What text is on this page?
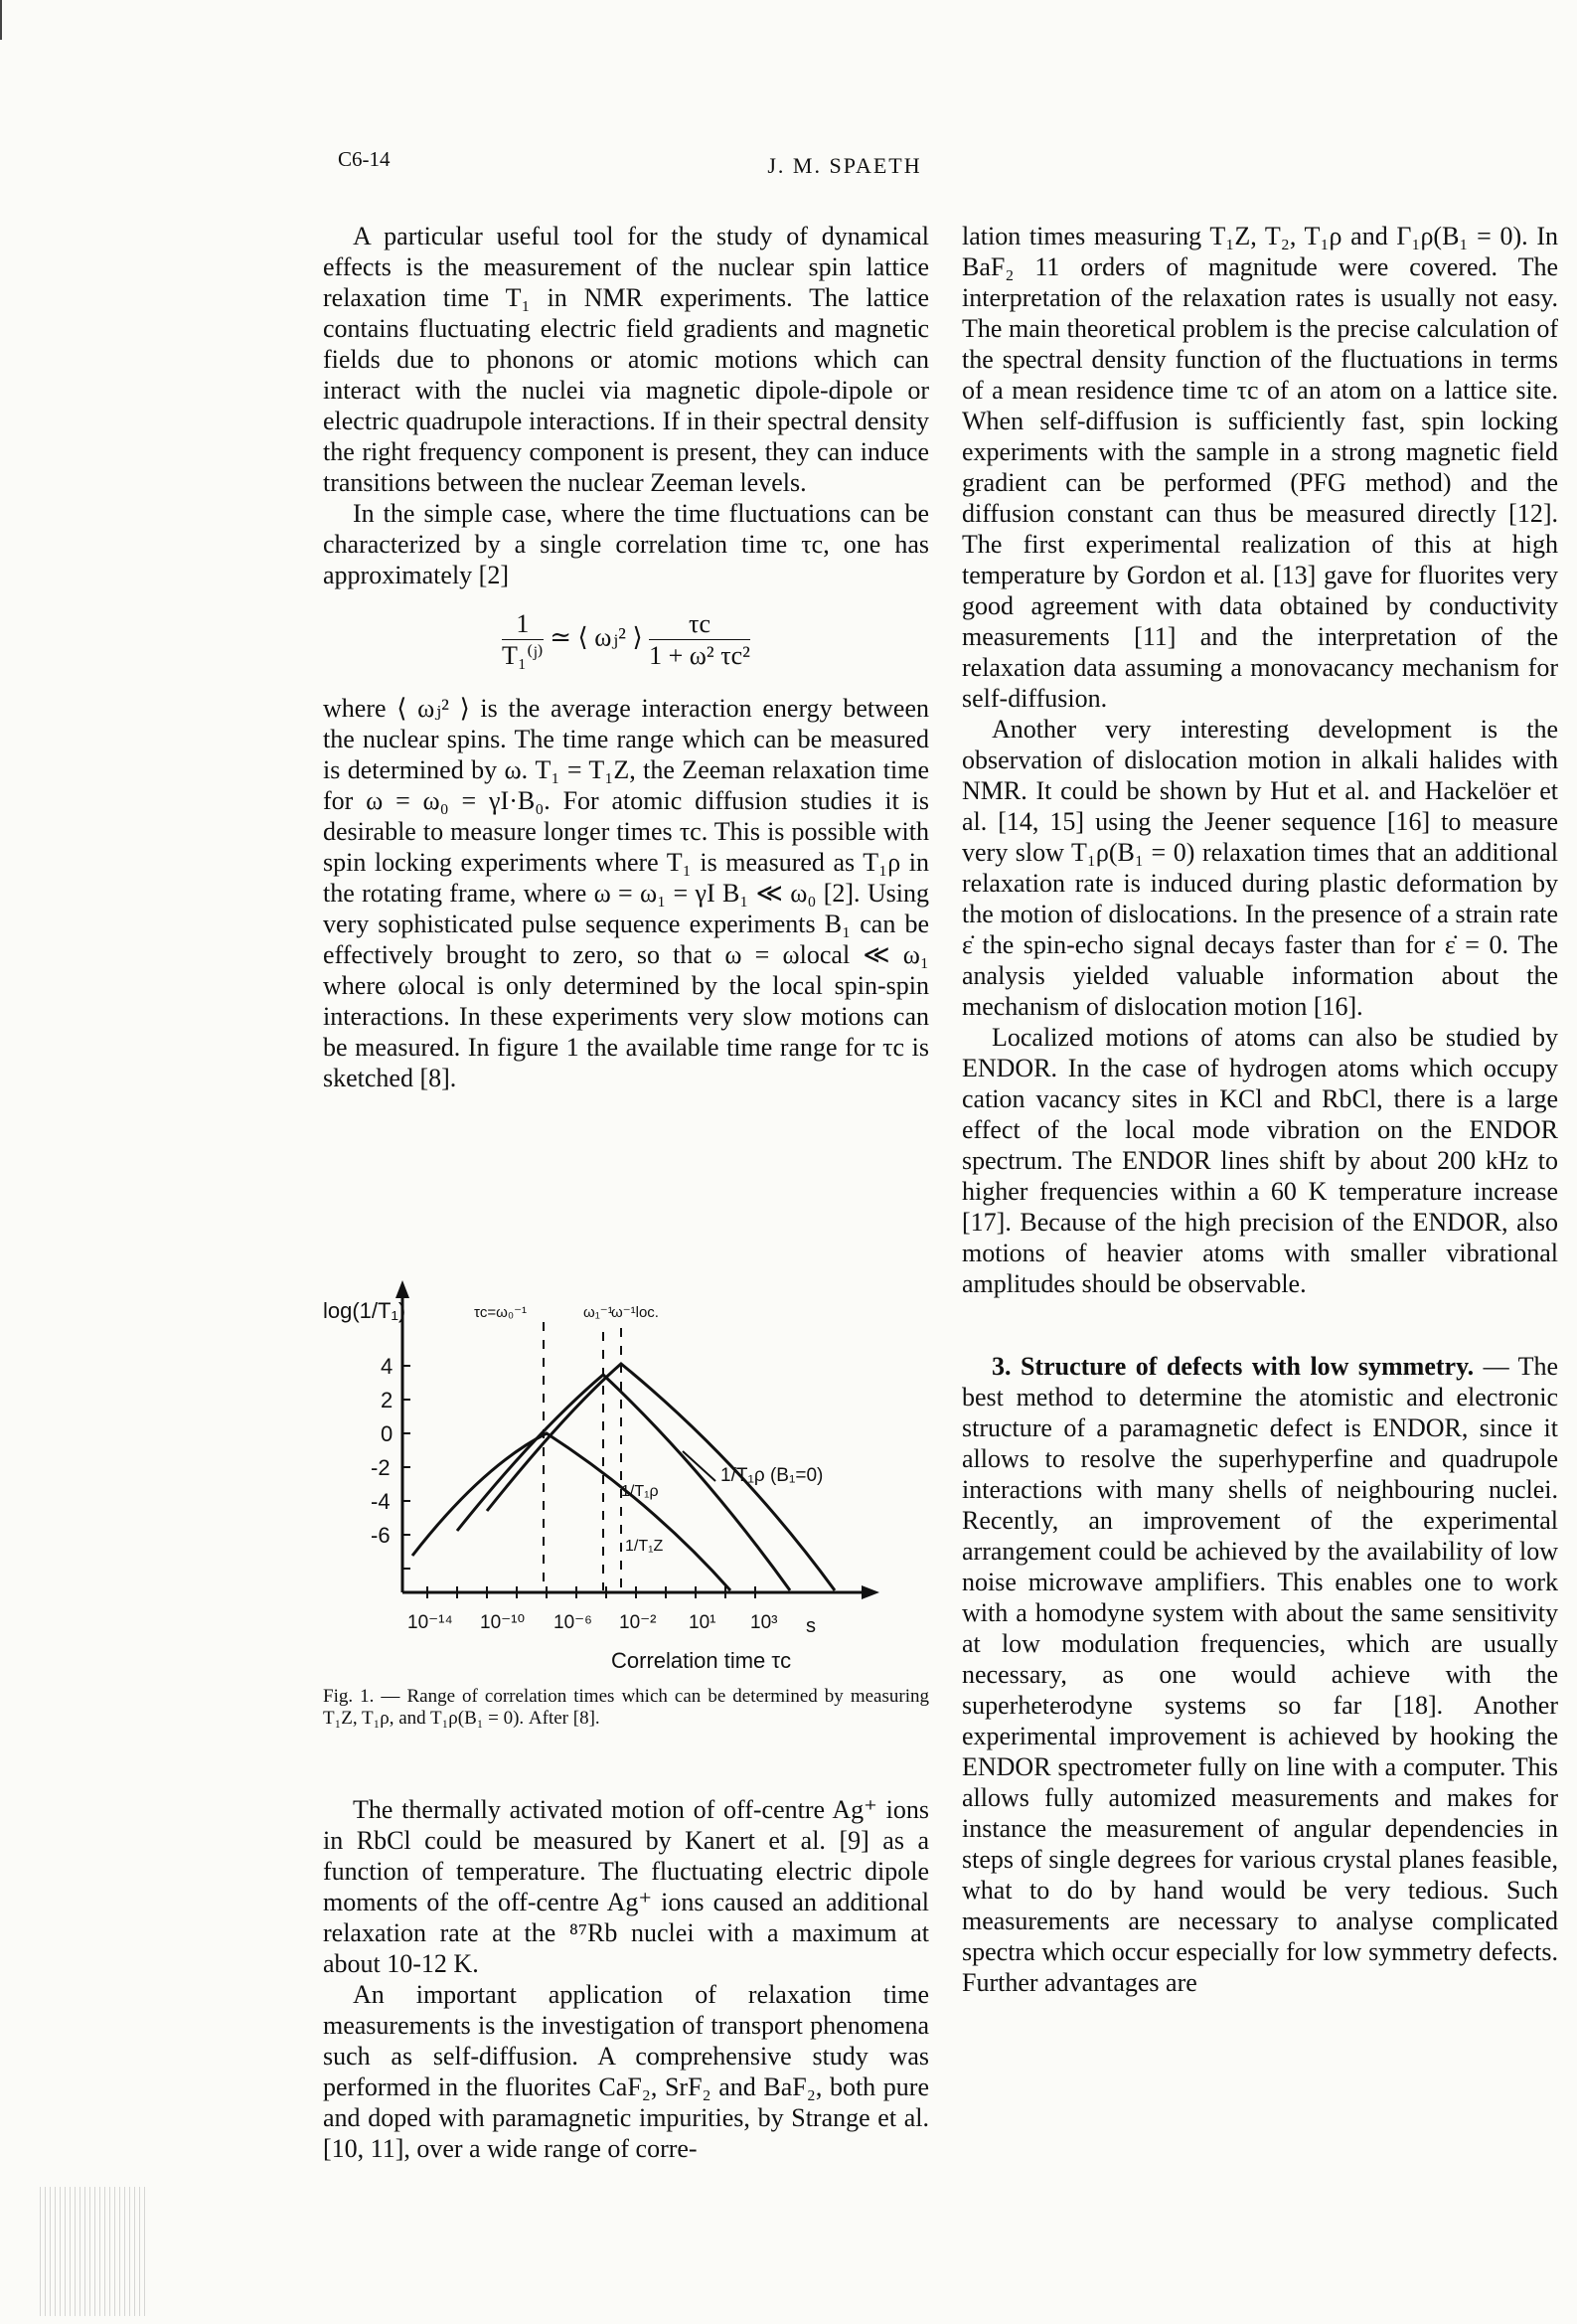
C6-14	J. M. SPAETH

A particular useful tool for the study of dynamical effects is the measurement of the nuclear spin lattice relaxation time T₁ in NMR experiments. The lattice contains fluctuating electric field gradients and magnetic fields due to phonons or atomic motions which can interact with the nuclei via magnetic dipole-dipole or electric quadrupole interactions. If in their spectral density the right frequency component is present, they can induce transitions between the nuclear Zeeman levels.

In the simple case, where the time fluctuations can be characterized by a single correlation time τc, one has approximately [2]

$\frac{1}{\text{T₁⁽ʲ⁾}}$ ≃ ⟨ ωⱼ² ⟩ $\frac{\tau c}{\text{1 + ω² τc²}}$

where ⟨ ωⱼ² ⟩ is the average interaction energy between the nuclear spins. The time range which can be measured is determined by ω. T₁ = T₁Z, the Zeeman relaxation time for ω = ω₀ = γI·B₀. For atomic diffusion studies it is desirable to measure longer times τc. This is possible with spin locking experiments where T₁ is measured as T₁ρ in the rotating frame, where ω = ω₁ = γI B₁ ≪ ω₀ [2]. Using very sophisticated pulse sequence experiments B₁ can be effectively brought to zero, so that ω = ωlocal ≪ ω₁ where ωlocal is only determined by the local spin-spin interactions. In these experiments very slow motions can be measured. In figure 1 the available time range for τc is sketched [8].

log(1/T₁)	τc=ω₀⁻¹	ω₁⁻¹
ω⁻¹loc.
4
2
0
-2
-4
-6
10⁻¹⁴ 10⁻¹⁰ 10⁻⁶ 10⁻² 10¹ 10³ s
Correlation time τc
1/T₁ρ (B₁=0)
1/T₁ρ
1/T₁Z
Fig. 1. — Range of correlation times which can be determined by measuring T₁Z, T₁ρ, and T₁ρ(B₁ = 0). After [8].

The thermally activated motion of off-centre Ag⁺ ions in RbCl could be measured by Kanert et al. [9] as a function of temperature. The fluctuating electric dipole moments of the off-centre Ag⁺ ions caused an additional relaxation rate at the ⁸⁷Rb nuclei with a maximum at about 10-12 K.

An important application of relaxation time measurements is the investigation of transport phenomena such as self-diffusion. A comprehensive study was performed in the fluorites CaF₂, SrF₂ and BaF₂, both pure and doped with paramagnetic impurities, by Strange et al. [10, 11], over a wide range of corre-

lation times measuring T₁Z, T₂, T₁ρ and Γ₁ρ(B₁ = 0). In BaF₂ 11 orders of magnitude were covered. The interpretation of the relaxation rates is usually not easy. The main theoretical problem is the precise calculation of the spectral density function of the fluctuations in terms of a mean residence time τc of an atom on a lattice site. When self-diffusion is sufficiently fast, spin locking experiments with the sample in a strong magnetic field gradient can be performed (PFG method) and the diffusion constant can thus be measured directly [12]. The first experimental realization of this at high temperature by Gordon et al. [13] gave for fluorites very good agreement with data obtained by conductivity measurements [11] and the interpretation of the relaxation data assuming a monovacancy mechanism for self-diffusion.

Another very interesting development is the observation of dislocation motion in alkali halides with NMR. It could be shown by Hut et al. and Hackelöer et al. [14, 15] using the Jeener sequence [16] to measure very slow T₁ρ(B₁ = 0) relaxation times that an additional relaxation rate is induced during plastic deformation by the motion of dislocations. In the presence of a strain rate ε̇ the spin-echo signal decays faster than for ε̇ = 0. The analysis yielded valuable information about the mechanism of dislocation motion [16].

Localized motions of atoms can also be studied by ENDOR. In the case of hydrogen atoms which occupy cation vacancy sites in KCl and RbCl, there is a large effect of the local mode vibration on the ENDOR spectrum. The ENDOR lines shift by about 200 kHz to higher frequencies within a 60 K temperature increase [17]. Because of the high precision of the ENDOR, also motions of heavier atoms with smaller vibrational amplitudes should be observable.

3. Structure of defects with low symmetry. — The best method to determine the atomistic and electronic structure of a paramagnetic defect is ENDOR, since it allows to resolve the superhyperfine and quadrupole interactions with many shells of neighbouring nuclei. Recently, an improvement of the experimental arrangement could be achieved by the availability of low noise microwave amplifiers. This enables one to work with a homodyne system with about the same sensitivity at low modulation frequencies, which are usually necessary, as one would achieve with the superheterodyne systems so far [18]. Another experimental improvement is achieved by hooking the ENDOR spectrometer fully on line with a computer. This allows fully automized measurements and makes for instance the measurement of angular dependencies in steps of single degrees for various crystal planes feasible, what to do by hand would be very tedious. Such measurements are necessary to analyse complicated spectra which occur especially for low symmetry defects. Further advantages are
